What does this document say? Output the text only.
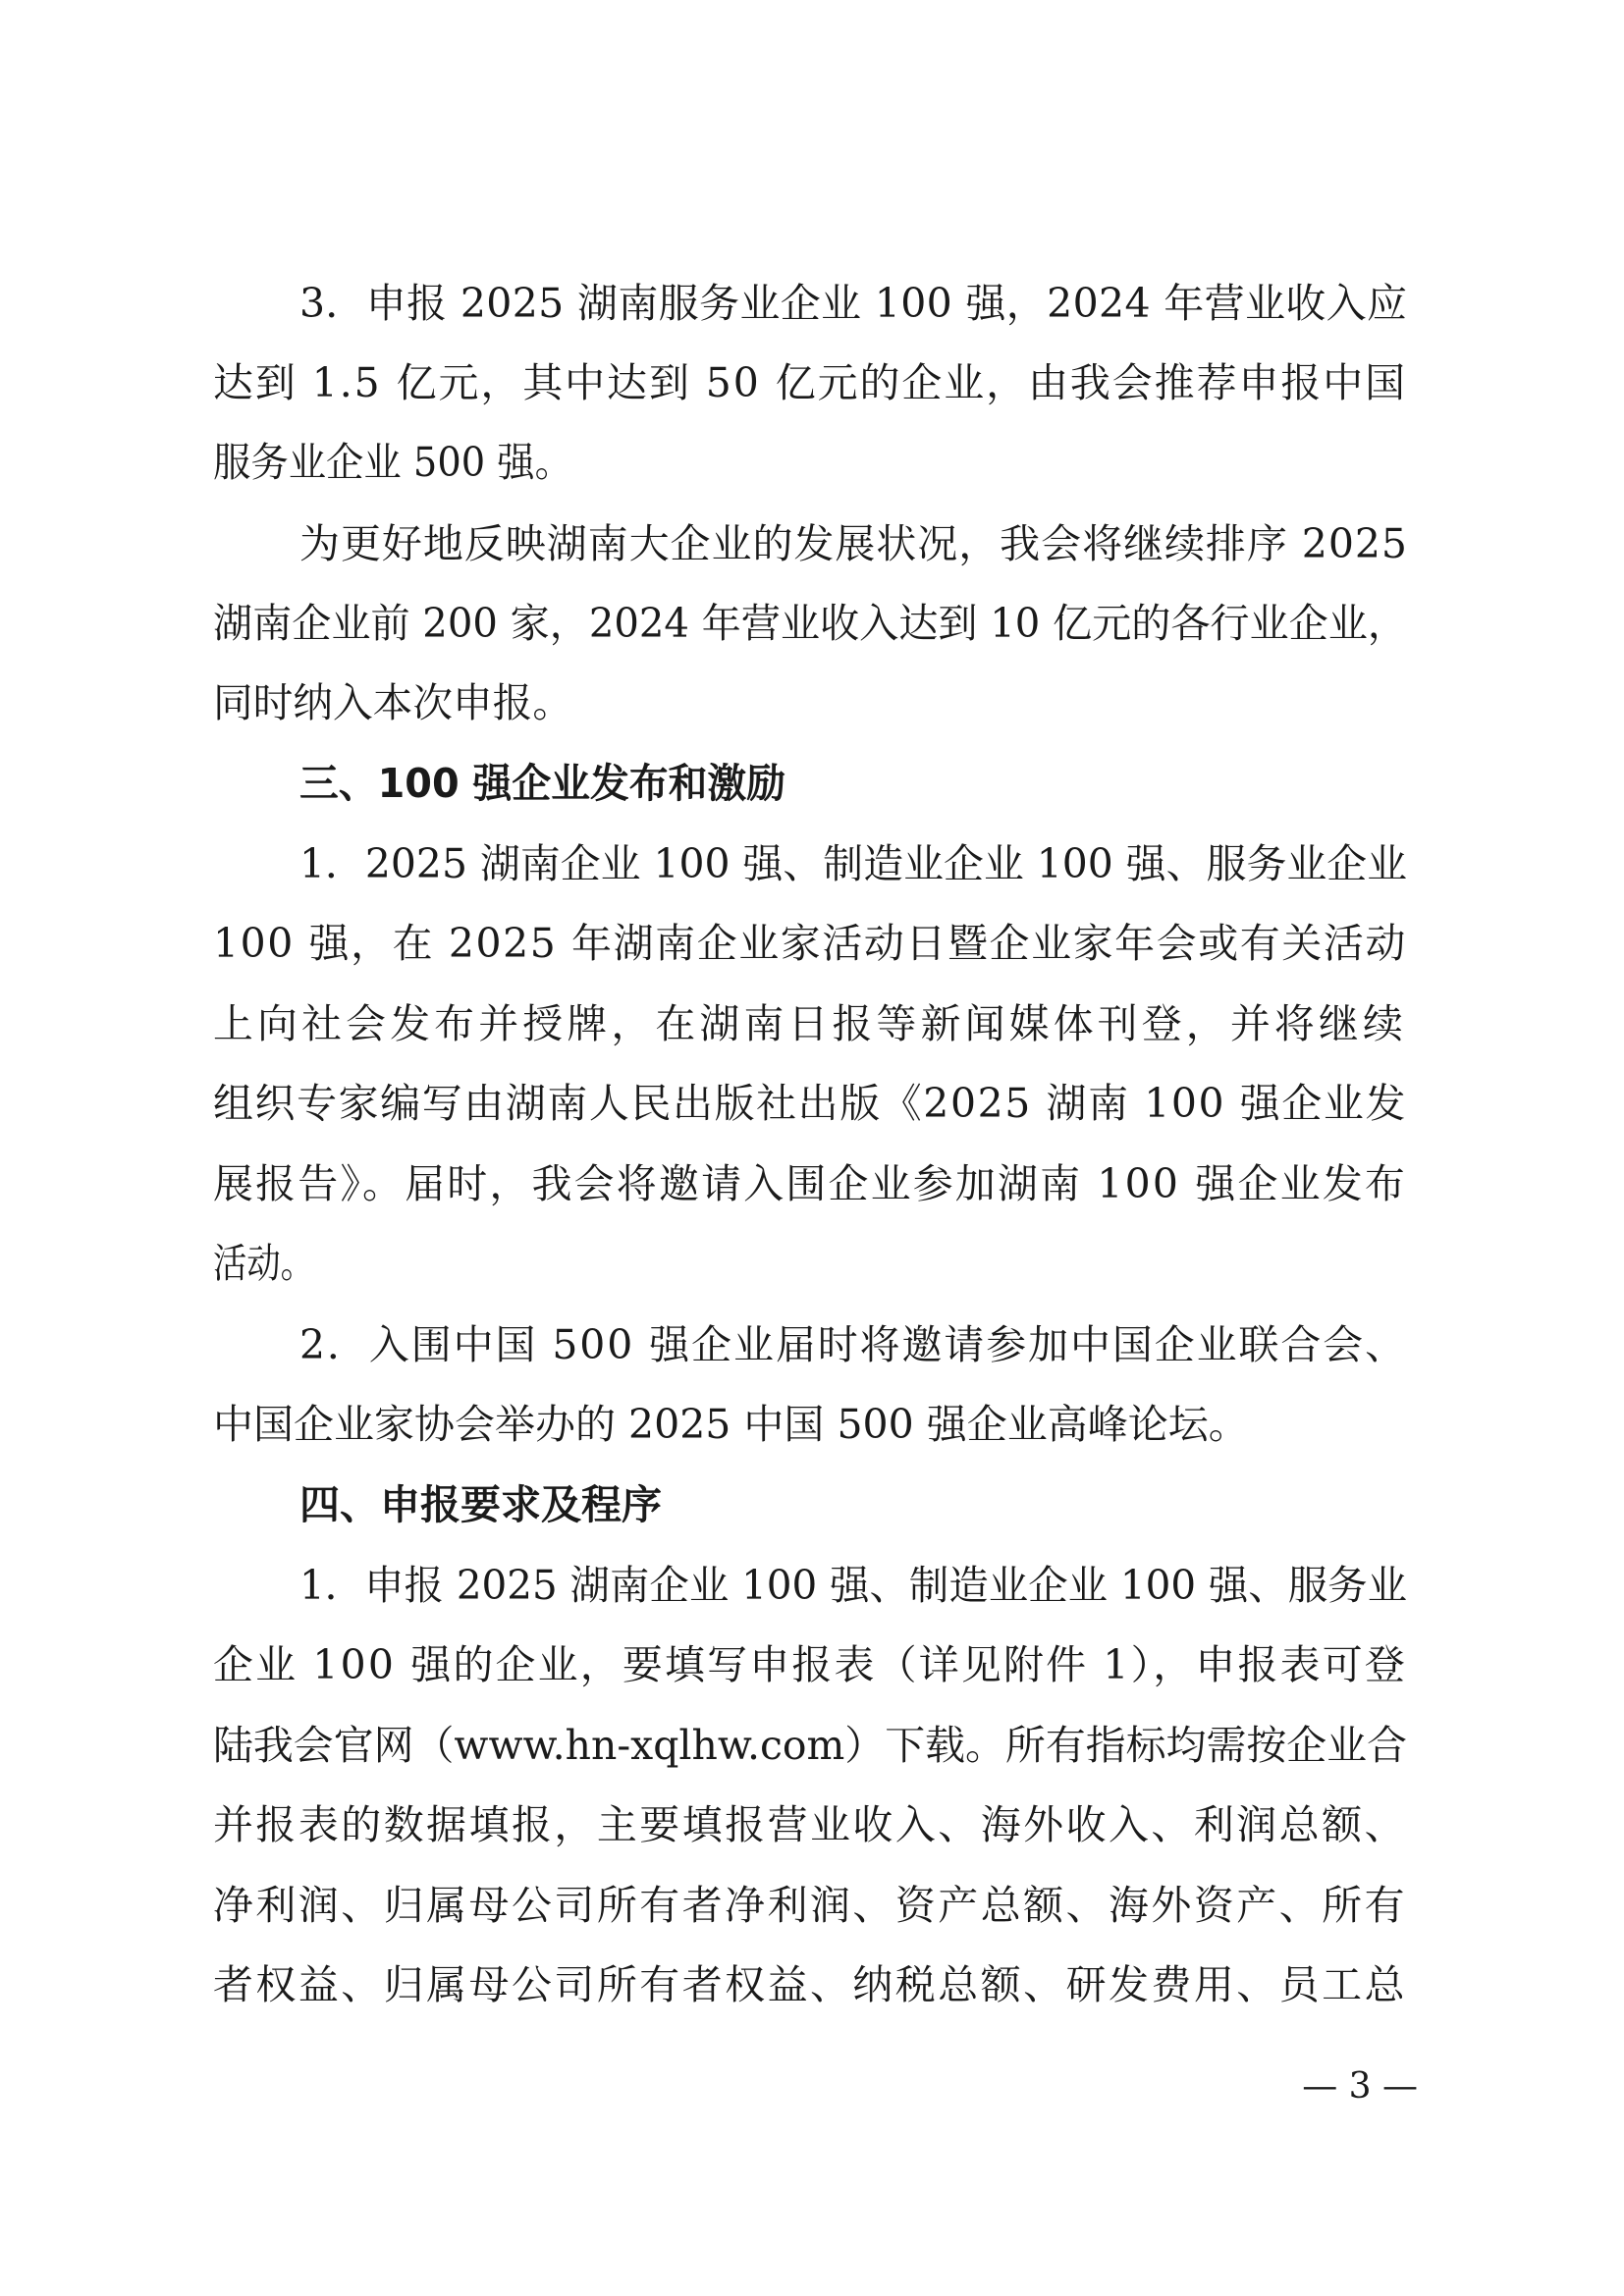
3．申报 2025 湖南服务业企业 100 强，2024 年营业收入应
达到 1.5 亿元，其中达到 50 亿元的企业，由我会推荐申报中国
服务业企业 500 强。
为更好地反映湖南大企业的发展状况，我会将继续排序 2025
湖南企业前 200 家，2024 年营业收入达到 10 亿元的各行业企业，
同时纳入本次申报。
三、100 强企业发布和激励
1．2025 湖南企业 100 强、制造业企业 100 强、服务业企业
100 强，在 2025 年湖南企业家活动日暨企业家年会或有关活动
上向社会发布并授牌，在湖南日报等新闻媒体刊登，并将继续
组织专家编写由湖南人民出版社出版《2025 湖南 100 强企业发
展报告》。届时，我会将邀请入围企业参加湖南 100 强企业发布
活动。
2．入围中国 500 强企业届时将邀请参加中国企业联合会、
中国企业家协会举办的 2025 中国 500 强企业高峰论坛。
四、申报要求及程序
1．申报 2025 湖南企业 100 强、制造业企业 100 强、服务业
企业 100 强的企业，要填写申报表（详见附件 1），申报表可登
陆我会官网（www.hn-xqlhw.com）下载。所有指标均需按企业合
并报表的数据填报，主要填报营业收入、海外收入、利润总额、
净利润、归属母公司所有者净利润、资产总额、海外资产、所有
者权益、归属母公司所有者权益、纳税总额、研发费用、员工总
— 3 —
